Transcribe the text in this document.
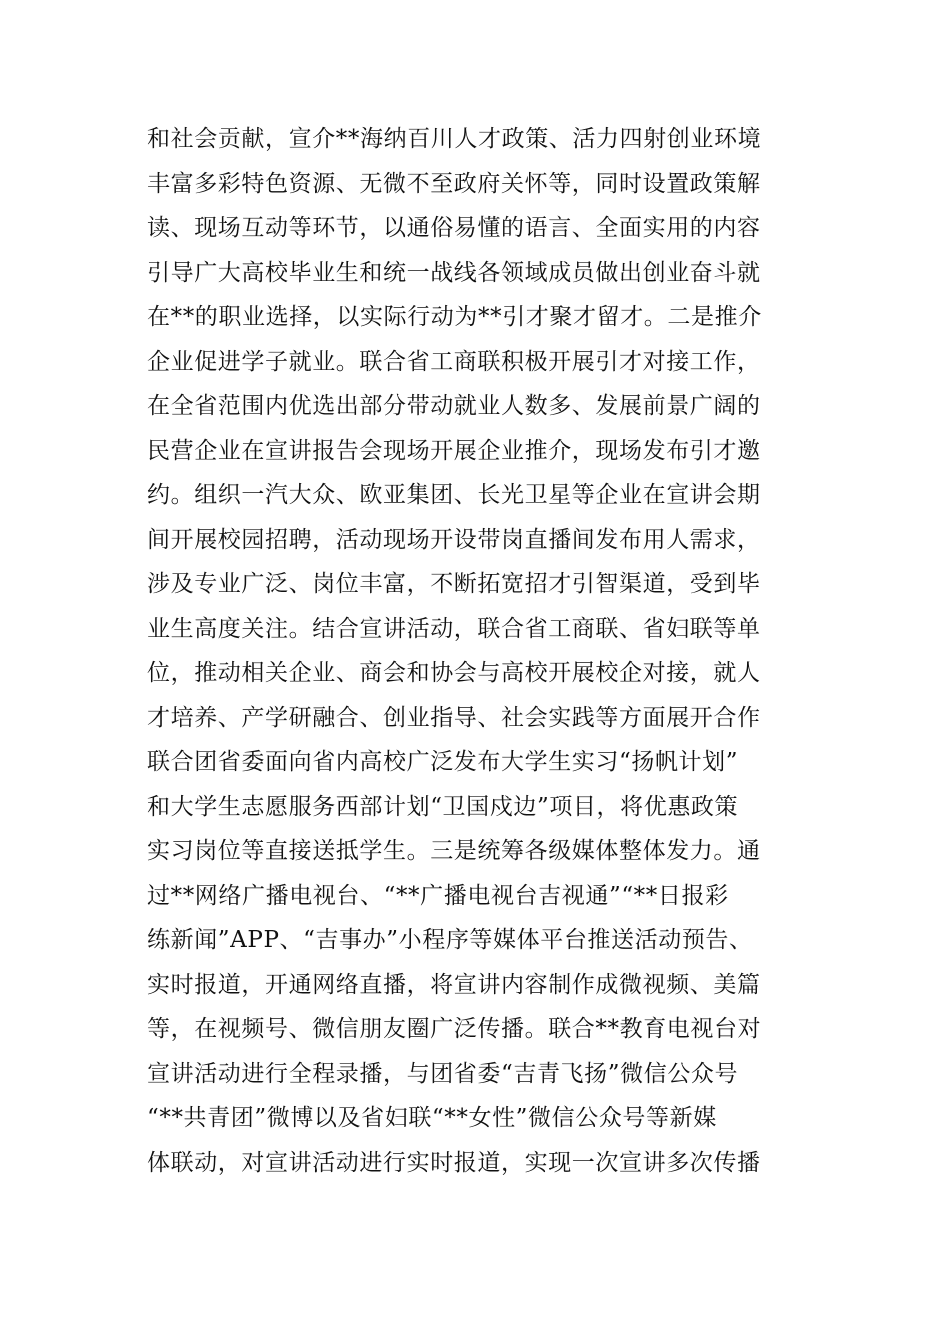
和社会贡献，宣介**海纳百川人才政策、活力四射创业环境
丰富多彩特色资源、无微不至政府关怀等，同时设置政策解
读、现场互动等环节，以通俗易懂的语言、全面实用的内容
引导广大高校毕业生和统一战线各领域成员做出创业奋斗就
在**的职业选择，以实际行动为**引才聚才留才。二是推介
企业促进学子就业。联合省工商联积极开展引才对接工作，
在全省范围内优选出部分带动就业人数多、发展前景广阔的
民营企业在宣讲报告会现场开展企业推介，现场发布引才邀
约。组织一汽大众、欧亚集团、长光卫星等企业在宣讲会期
间开展校园招聘，活动现场开设带岗直播间发布用人需求，
涉及专业广泛、岗位丰富，不断拓宽招才引智渠道，受到毕
业生高度关注。结合宣讲活动，联合省工商联、省妇联等单
位，推动相关企业、商会和协会与高校开展校企对接，就人
才培养、产学研融合、创业指导、社会实践等方面展开合作
联合团省委面向省内高校广泛发布大学生实习“扬帆计划”
和大学生志愿服务西部计划“卫国戍边”项目，将优惠政策
实习岗位等直接送抵学生。三是统筹各级媒体整体发力。通
过**网络广播电视台、“**广播电视台吉视通”“**日报彩
练新闻”APP、“吉事办”小程序等媒体平台推送活动预告、
实时报道，开通网络直播，将宣讲内容制作成微视频、美篇
等，在视频号、微信朋友圈广泛传播。联合**教育电视台对
宣讲活动进行全程录播，与团省委“吉青飞扬”微信公众号
“**共青团”微博以及省妇联“**女性”微信公众号等新媒
体联动，对宣讲活动进行实时报道，实现一次宣讲多次传播
